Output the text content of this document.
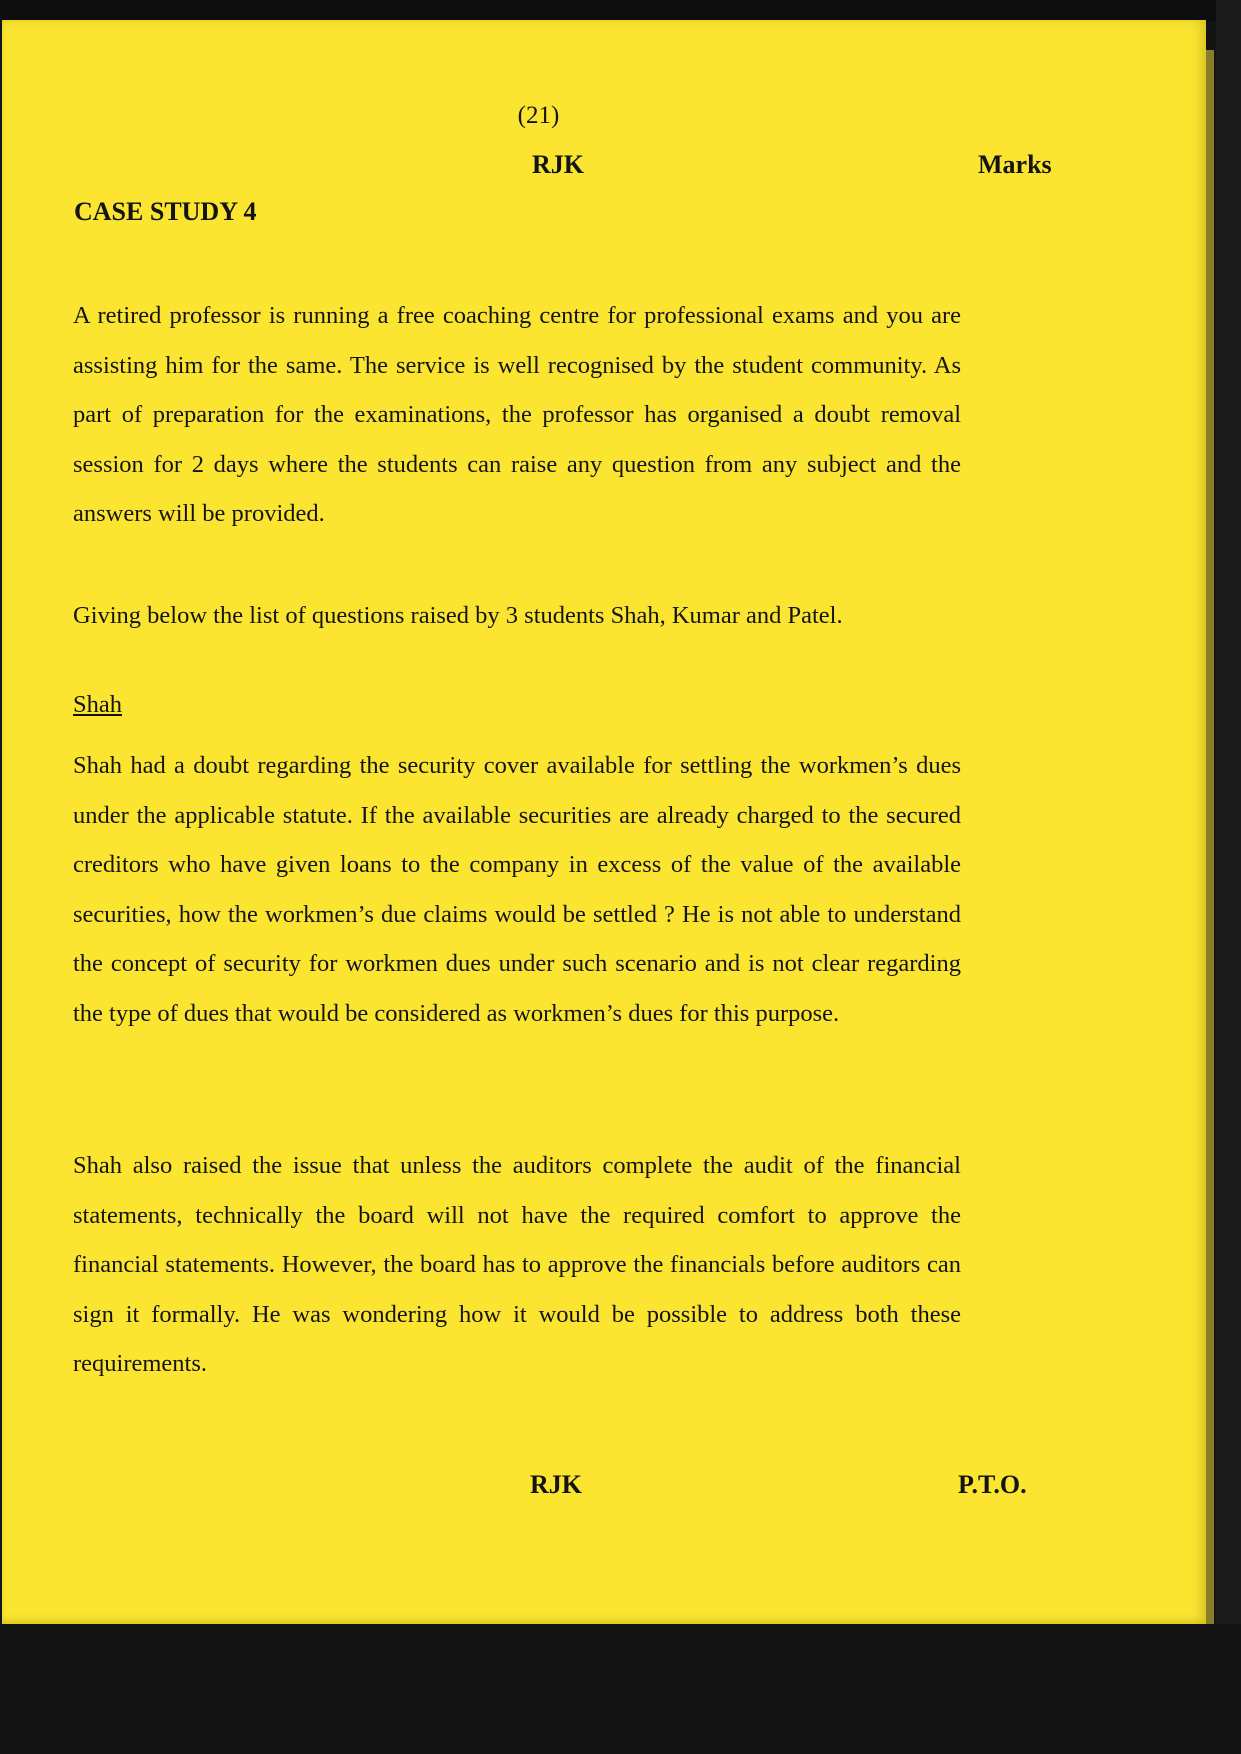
(21)
RJK	Marks
CASE STUDY 4

A retired professor is running a free coaching centre for professional exams and you are assisting him for the same. The service is well recognised by the student community. As part of preparation for the examinations, the professor has organised a doubt removal session for 2 days where the students can raise any question from any subject and the answers will be provided.

Giving below the list of questions raised by 3 students Shah, Kumar and Patel.

Shah

Shah had a doubt regarding the security cover available for settling the workmen’s dues under the applicable statute. If the available securities are already charged to the secured creditors who have given loans to the company in excess of the value of the available securities, how the workmen’s due claims would be settled ? He is not able to understand the concept of security for workmen dues under such scenario and is not clear regarding the type of dues that would be considered as workmen’s dues for this purpose.

Shah also raised the issue that unless the auditors complete the audit of the financial statements, technically the board will not have the required comfort to approve the financial statements. However, the board has to approve the financials before auditors can sign it formally. He was wondering how it would be possible to address both these requirements.

RJK	P.T.O.
